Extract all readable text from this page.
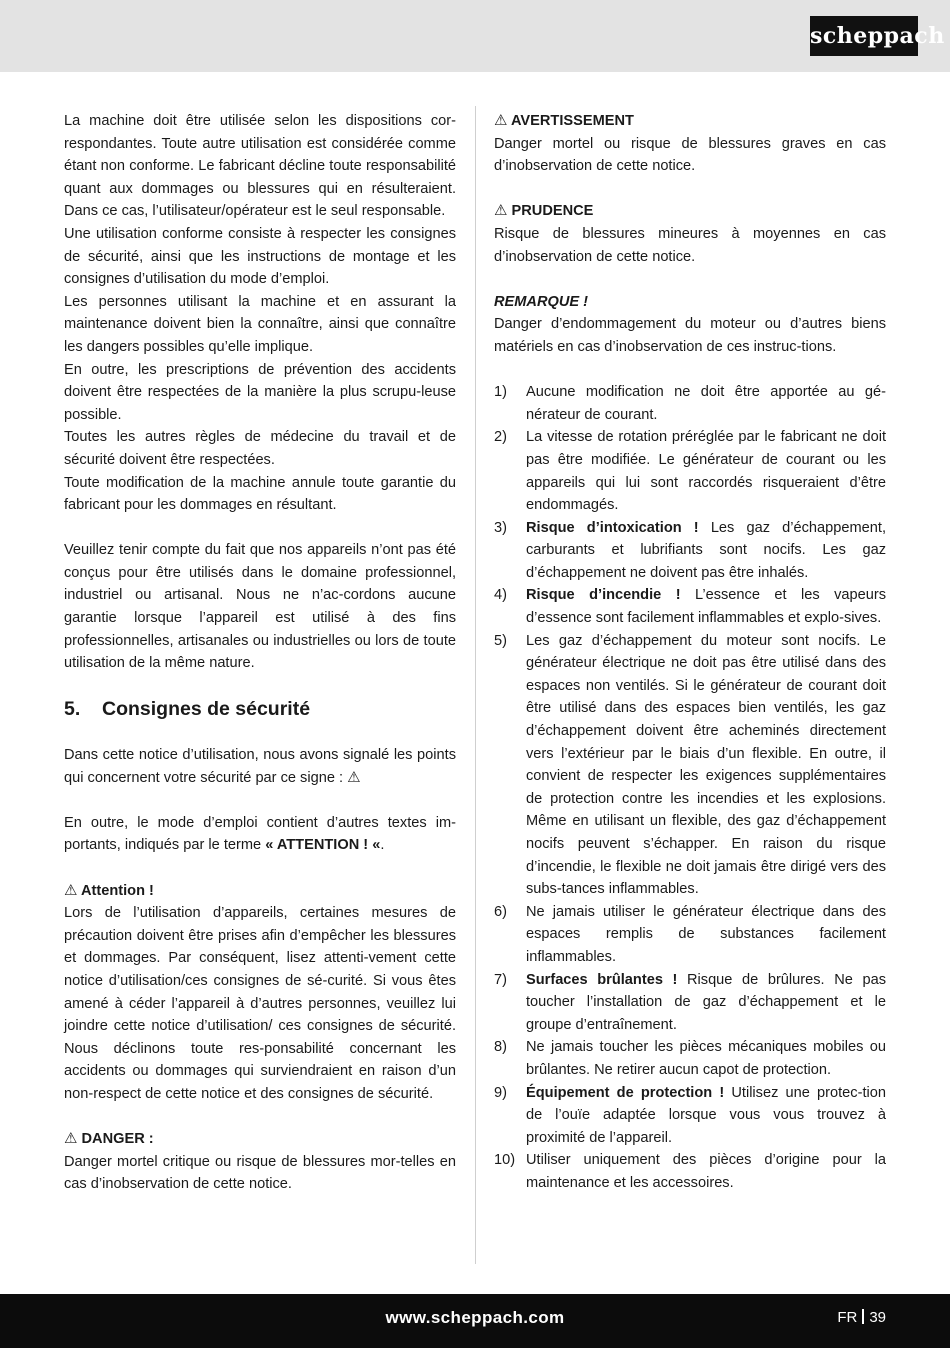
scheppach

La machine doit être utilisée selon les dispositions cor-respondantes. Toute autre utilisation est considérée comme étant non conforme. Le fabricant décline toute responsabilité quant aux dommages ou blessures qui en résulteraient. Dans ce cas, l’utilisateur/opérateur est le seul responsable.

Une utilisation conforme consiste à respecter les consignes de sécurité, ainsi que les instructions de montage et les consignes d’utilisation du mode d’emploi.

Les personnes utilisant la machine et en assurant la maintenance doivent bien la connaître, ainsi que connaître les dangers possibles qu’elle implique.

En outre, les prescriptions de prévention des accidents doivent être respectées de la manière la plus scrupu-leuse possible.

Toutes les autres règles de médecine du travail et de sécurité doivent être respectées.

Toute modification de la machine annule toute garantie du fabricant pour les dommages en résultant.

Veuillez tenir compte du fait que nos appareils n’ont pas été conçus pour être utilisés dans le domaine professionnel, industriel ou artisanal. Nous ne n’ac-cordons aucune garantie lorsque l’appareil est utilisé à des fins professionnelles, artisanales ou industrielles ou lors de toute utilisation de la même nature.

5. Consignes de sécurité

Dans cette notice d’utilisation, nous avons signalé les points qui concernent votre sécurité par ce signe : ⚠

En outre, le mode d’emploi contient d’autres textes im-portants, indiqués par le terme « ATTENTION ! «.

⚠ Attention !

Lors de l’utilisation d’appareils, certaines mesures de précaution doivent être prises afin d’empêcher les blessures et dommages. Par conséquent, lisez attenti-vement cette notice d’utilisation/ces consignes de sé-curité. Si vous êtes amené à céder l’appareil à d’autres personnes, veuillez lui joindre cette notice d’utilisation/ ces consignes de sécurité. Nous déclinons toute res-ponsabilité concernant les accidents ou dommages qui surviendraient en raison d’un non-respect de cette notice et des consignes de sécurité.

⚠ DANGER :

Danger mortel critique ou risque de blessures mor-telles en cas d’inobservation de cette notice.

⚠ AVERTISSEMENT

Danger mortel ou risque de blessures graves en cas d’inobservation de cette notice.

⚠ PRUDENCE

Risque de blessures mineures à moyennes en cas d’inobservation de cette notice.

REMARQUE !

Danger d’endommagement du moteur ou d’autres biens matériels en cas d’inobservation de ces instruc-tions.

1) Aucune modification ne doit être apportée au gé-nérateur de courant.
2) La vitesse de rotation préréglée par le fabricant ne doit pas être modifiée. Le générateur de courant ou les appareils qui lui sont raccordés risqueraient d’être endommagés.
3) Risque d’intoxication ! Les gaz d’échappement, carburants et lubrifiants sont nocifs. Les gaz d’échappement ne doivent pas être inhalés.
4) Risque d’incendie ! L’essence et les vapeurs d’essence sont facilement inflammables et explo-sives.
5) Les gaz d’échappement du moteur sont nocifs. Le générateur électrique ne doit pas être utilisé dans des espaces non ventilés. Si le générateur de courant doit être utilisé dans des espaces bien ventilés, les gaz d’échappement doivent être acheminés directement vers l’extérieur par le biais d’un flexible. En outre, il convient de respecter les exigences supplémentaires de protection contre les incendies et les explosions. Même en utilisant un flexible, des gaz d’échappement nocifs peuvent s’échapper. En raison du risque d’incendie, le flexible ne doit jamais être dirigé vers des subs-tances inflammables.
6) Ne jamais utiliser le générateur électrique dans des espaces remplis de substances facilement inflammables.
7) Surfaces brûlantes ! Risque de brûlures. Ne pas toucher l’installation de gaz d’échappement et le groupe d’entraînement.
8) Ne jamais toucher les pièces mécaniques mobiles ou brûlantes. Ne retirer aucun capot de protection.
9) Équipement de protection ! Utilisez une protec-tion de l’ouïe adaptée lorsque vous vous trouvez à proximité de l’appareil.
10) Utiliser uniquement des pièces d’origine pour la maintenance et les accessoires.
www.scheppach.com	FR 39
